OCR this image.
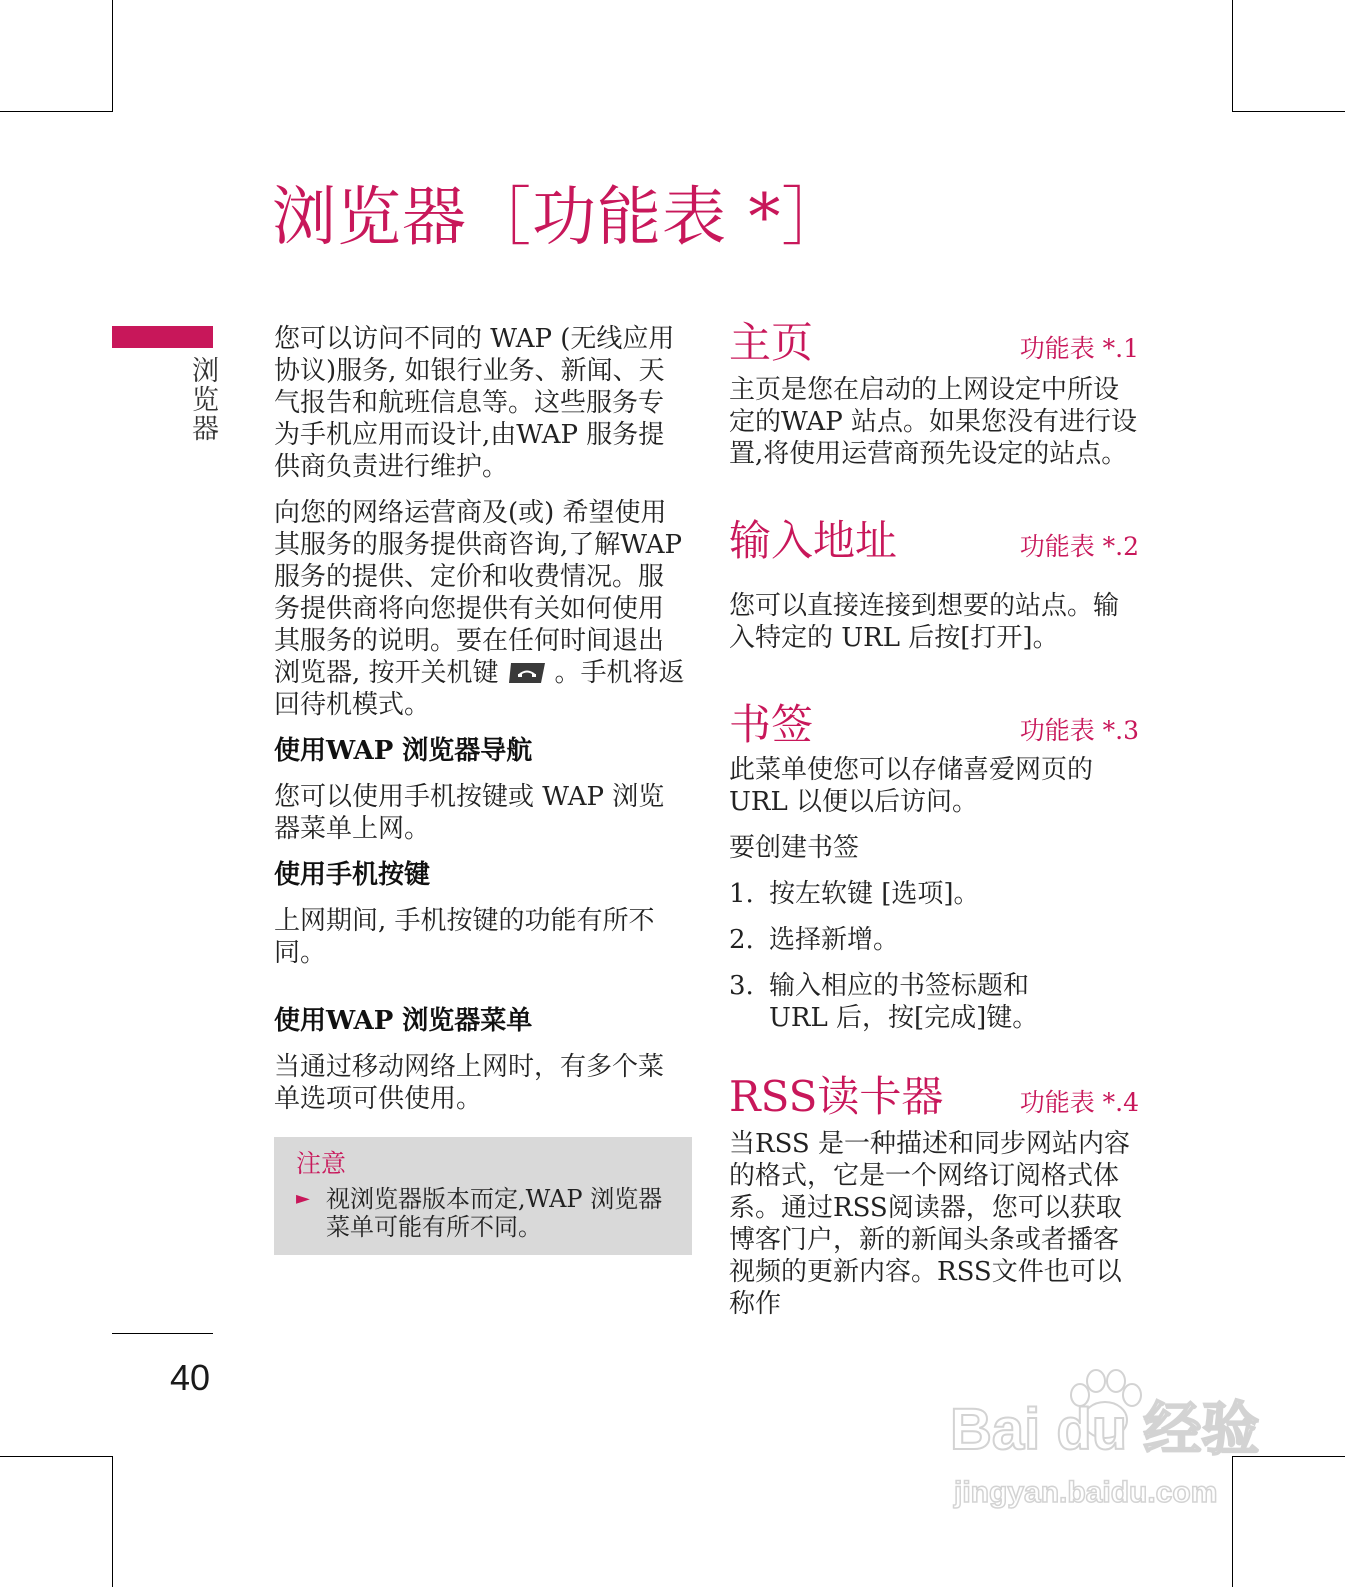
浏览器［功能表 *］
浏览器
40

您可以访问不同的 WAP (无线应用协议)服务, 如银行业务、新闻、天气报告和航班信息等。这些服务专为手机应用而设计,由WAP 服务提供商负责进行维护。

向您的网络运营商及(或) 希望使用其服务的服务提供商咨询,了解WAP服务的提供、定价和收费情况。服务提供商将向您提供有关如何使用其服务的说明。要在任何时间退出浏览器, 按开关机键 。手机将返回待机模式。

使用WAP 浏览器导航

您可以使用手机按键或 WAP 浏览器菜单上网。

使用手机按键

上网期间, 手机按键的功能有所不同。

使用WAP 浏览器菜单

当通过移动网络上网时，有多个菜单选项可供使用。

注意
► 视浏览器版本而定,WAP 浏览器菜单可能有所不同。
主页	功能表 *.1

主页是您在启动的上网设定中所设定的WAP 站点。如果您没有进行设置,将使用运营商预先设定的站点。

输入地址	功能表 *.2

您可以直接连接到想要的站点。输入特定的 URL 后按[打开]。

书签	功能表 *.3

此菜单使您可以存储喜爱网页的URL 以便以后访问。

要创建书签

1. 按左软键 [选项]。
2. 选择新增。
3. 输入相应的书签标题和 URL 后，按[完成]键。
RSS读卡器	功能表 *.4

当RSS 是一种描述和同步网站内容的格式，它是一个网络订阅格式体系。通过RSS阅读器，您可以获取博客门户，新的新闻头条或者播客视频的更新内容。RSS文件也可以称作

Bai du 经验
jingyan.baidu.com
